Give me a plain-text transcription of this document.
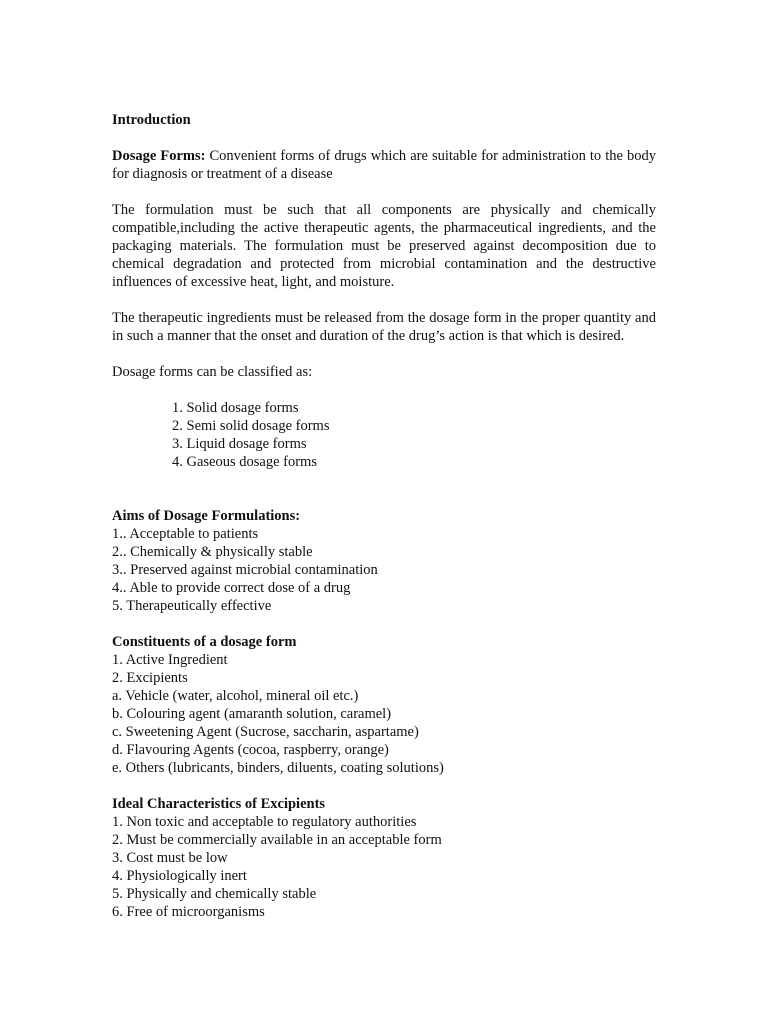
Introduction

Dosage Forms: Convenient forms of drugs which are suitable for administration to the body for diagnosis or treatment of a disease

The formulation must be such that all components are physically and chemically compatible,including the active therapeutic agents, the pharmaceutical ingredients, and the packaging materials. The formulation must be preserved against decomposition due to chemical degradation and protected from microbial contamination and the destructive influences of excessive heat, light, and moisture.

The therapeutic ingredients must be released from the dosage form in the proper quantity and in such a manner that the onset and duration of the drug’s action is that which is desired.

Dosage forms can be classified as:

1. Solid dosage forms
2. Semi solid dosage forms
3. Liquid dosage forms
4. Gaseous dosage forms

Aims of Dosage Formulations:

1.. Acceptable to patients
2.. Chemically & physically stable
3.. Preserved against microbial contamination
4.. Able to provide correct dose of a drug
5. Therapeutically effective

Constituents of a dosage form

1. Active Ingredient
2. Excipients
a. Vehicle (water, alcohol, mineral oil etc.)
b. Colouring agent (amaranth solution, caramel)
c. Sweetening Agent (Sucrose, saccharin, aspartame)
d. Flavouring Agents (cocoa, raspberry, orange)
e. Others (lubricants, binders, diluents, coating solutions)

Ideal Characteristics of Excipients

1. Non toxic and acceptable to regulatory authorities
2. Must be commercially available in an acceptable form
3. Cost must be low
4. Physiologically inert
5. Physically and chemically stable
6. Free of microorganisms
